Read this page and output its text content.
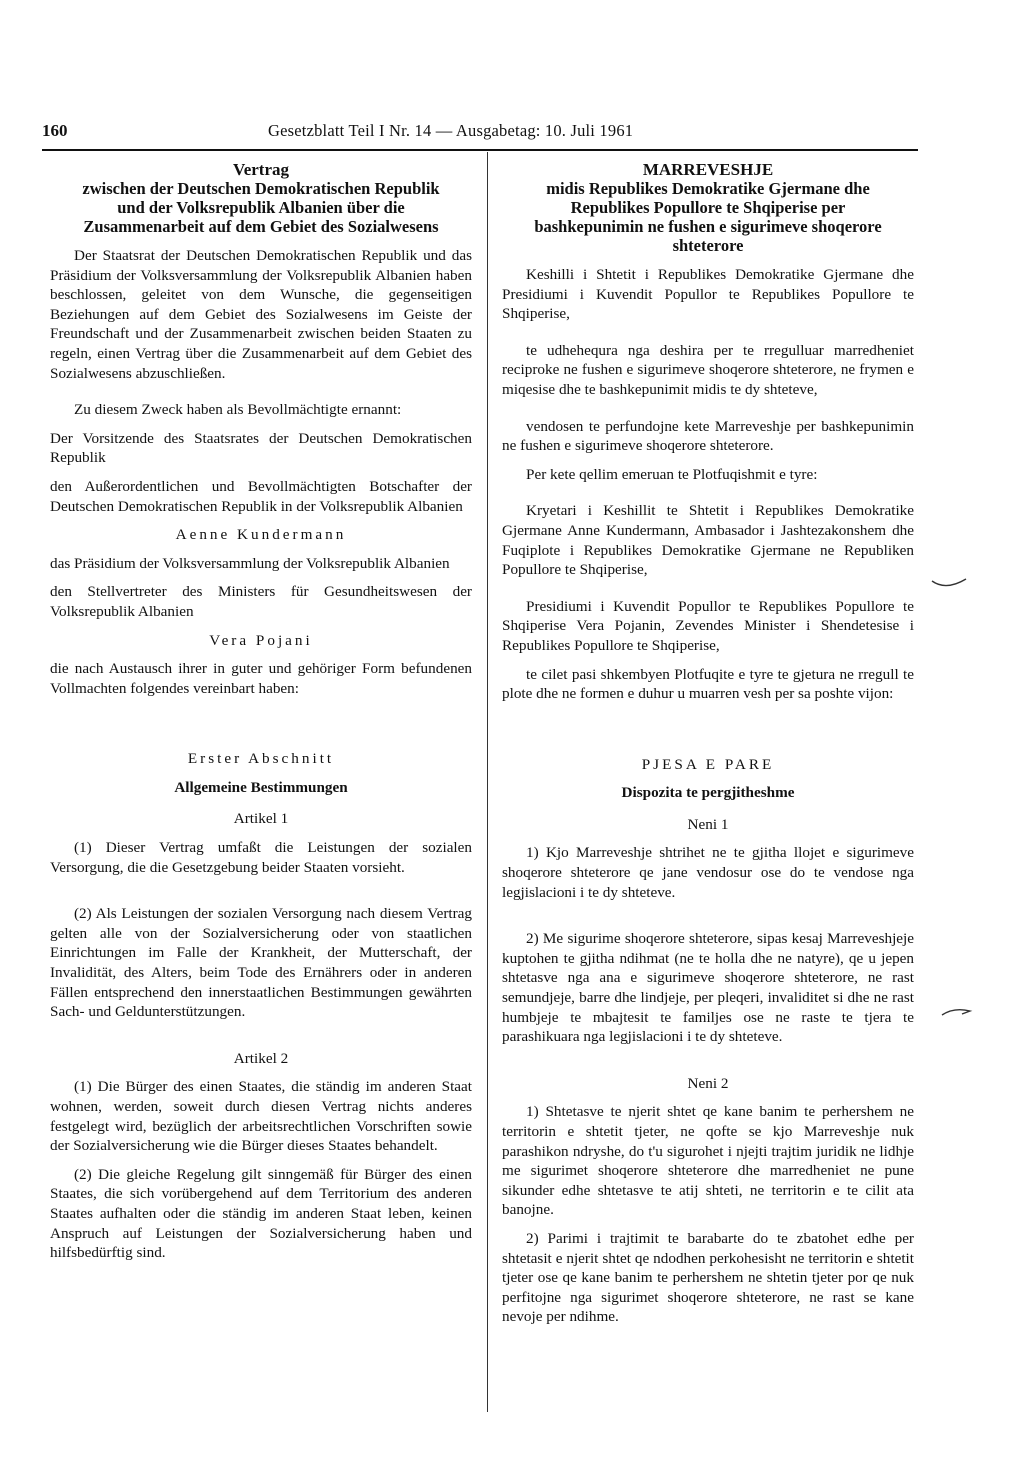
160	Gesetzblatt Teil I Nr. 14 — Ausgabetag: 10. Juli 1961
Vertrag
zwischen der Deutschen Demokratischen Republik
und der Volksrepublik Albanien über die
Zusammenarbeit auf dem Gebiet des Sozialwesens

Der Staatsrat der Deutschen Demokratischen Republik und das Präsidium der Volksversammlung der Volksrepublik Albanien haben beschlossen, geleitet von dem Wunsche, die gegenseitigen Beziehungen auf dem Gebiet des Sozialwesens im Geiste der Freundschaft und der Zusammenarbeit zwischen beiden Staaten zu regeln, einen Vertrag über die Zusammenarbeit auf dem Gebiet des Sozialwesens abzuschließen.

Zu diesem Zweck haben als Bevollmächtigte ernannt:

Der Vorsitzende des Staatsrates der Deutschen Demokratischen Republik

den Außerordentlichen und Bevollmächtigten Botschafter der Deutschen Demokratischen Republik in der Volksrepublik Albanien

Aenne Kundermann

das Präsidium der Volksversammlung der Volksrepublik Albanien

den Stellvertreter des Ministers für Gesundheitswesen der Volksrepublik Albanien

Vera Pojani

die nach Austausch ihrer in guter und gehöriger Form befundenen Vollmachten folgendes vereinbart haben:

Erster Abschnitt
Allgemeine Bestimmungen
Artikel 1

(1) Dieser Vertrag umfaßt die Leistungen der sozialen Versorgung, die die Gesetzgebung beider Staaten vorsieht.

(2) Als Leistungen der sozialen Versorgung nach diesem Vertrag gelten alle von der Sozialversicherung oder von staatlichen Einrichtungen im Falle der Krankheit, der Mutterschaft, der Invalidität, des Alters, beim Tode des Ernährers oder in anderen Fällen entsprechend den innerstaatlichen Bestimmungen gewährten Sach- und Geldunterstützungen.

Artikel 2

(1) Die Bürger des einen Staates, die ständig im anderen Staat wohnen, werden, soweit durch diesen Vertrag nichts anderes festgelegt wird, bezüglich der arbeitsrechtlichen Vorschriften sowie der Sozialversicherung wie die Bürger dieses Staates behandelt.

(2) Die gleiche Regelung gilt sinngemäß für Bürger des einen Staates, die sich vorübergehend auf dem Territorium des anderen Staates aufhalten oder die ständig im anderen Staat leben, keinen Anspruch auf Leistungen der Sozialversicherung haben und hilfsbedürftig sind.

MARREVESHJE
midis Republikes Demokratike Gjermane dhe
Republikes Popullore te Shqiperise per
bashkepunimin ne fushen e sigurimeve shoqerore
shteterore

Keshilli i Shtetit i Republikes Demokratike Gjermane dhe Presidiumi i Kuvendit Popullor te Republikes Popullore te Shqiperise,

te udhehequra nga deshira per te rregulluar marredheniet reciproke ne fushen e sigurimeve shoqerore shteterore, ne frymen e miqesise dhe te bashkepunimit midis te dy shteteve,

vendosen te perfundojne kete Marreveshje per bashkepunimin ne fushen e sigurimeve shoqerore shteterore.

Per kete qellim emeruan te Plotfuqishmit e tyre:

Kryetari i Keshillit te Shtetit i Republikes Demokratike Gjermane Anne Kundermann, Ambasador i Jashtezakonshem dhe Fuqiplote i Republikes Demokratike Gjermane ne Republiken Popullore te Shqiperise,

Presidiumi i Kuvendit Popullor te Republikes Popullore te Shqiperise Vera Pojanin, Zevendes Minister i Shendetesise i Republikes Popullore te Shqiperise,

te cilet pasi shkembyen Plotfuqite e tyre te gjetura ne rregull te plote dhe ne formen e duhur u muarren vesh per sa poshte vijon:

PJESA E PARE
Dispozita te pergjitheshme
Neni 1

1) Kjo Marreveshje shtrihet ne te gjitha llojet e sigurimeve shoqerore shteterore qe jane vendosur ose do te vendose nga legjislacioni i te dy shteteve.

2) Me sigurime shoqerore shteterore, sipas kesaj Marreveshjeje kuptohen te gjitha ndihmat (ne te holla dhe ne natyre), qe u jepen shtetasve nga ana e sigurimeve shoqerore shteterore, ne rast semundjeje, barre dhe lindjeje, per pleqeri, invaliditet si dhe ne rast humbjeje te mbajtesit te familjes ose ne raste te tjera te parashikuara nga legjislacioni i te dy shteteve.

Neni 2

1) Shtetasve te njerit shtet qe kane banim te perhershem ne territorin e shtetit tjeter, ne qofte se kjo Marreveshje nuk parashikon ndryshe, do t'u sigurohet i njejti trajtim juridik ne lidhje me sigurimet shoqerore shteterore dhe marredheniet ne pune sikunder edhe shtetasve te atij shteti, ne territorin e te cilit ata banojne.

2) Parimi i trajtimit te barabarte do te zbatohet edhe per shtetasit e njerit shtet qe ndodhen perkohesisht ne territorin e shtetit tjeter ose qe kane banim te perhershem ne shtetin tjeter por qe nuk perfitojne nga sigurimet shoqerore shteterore, ne rast se kane nevoje per ndihme.
